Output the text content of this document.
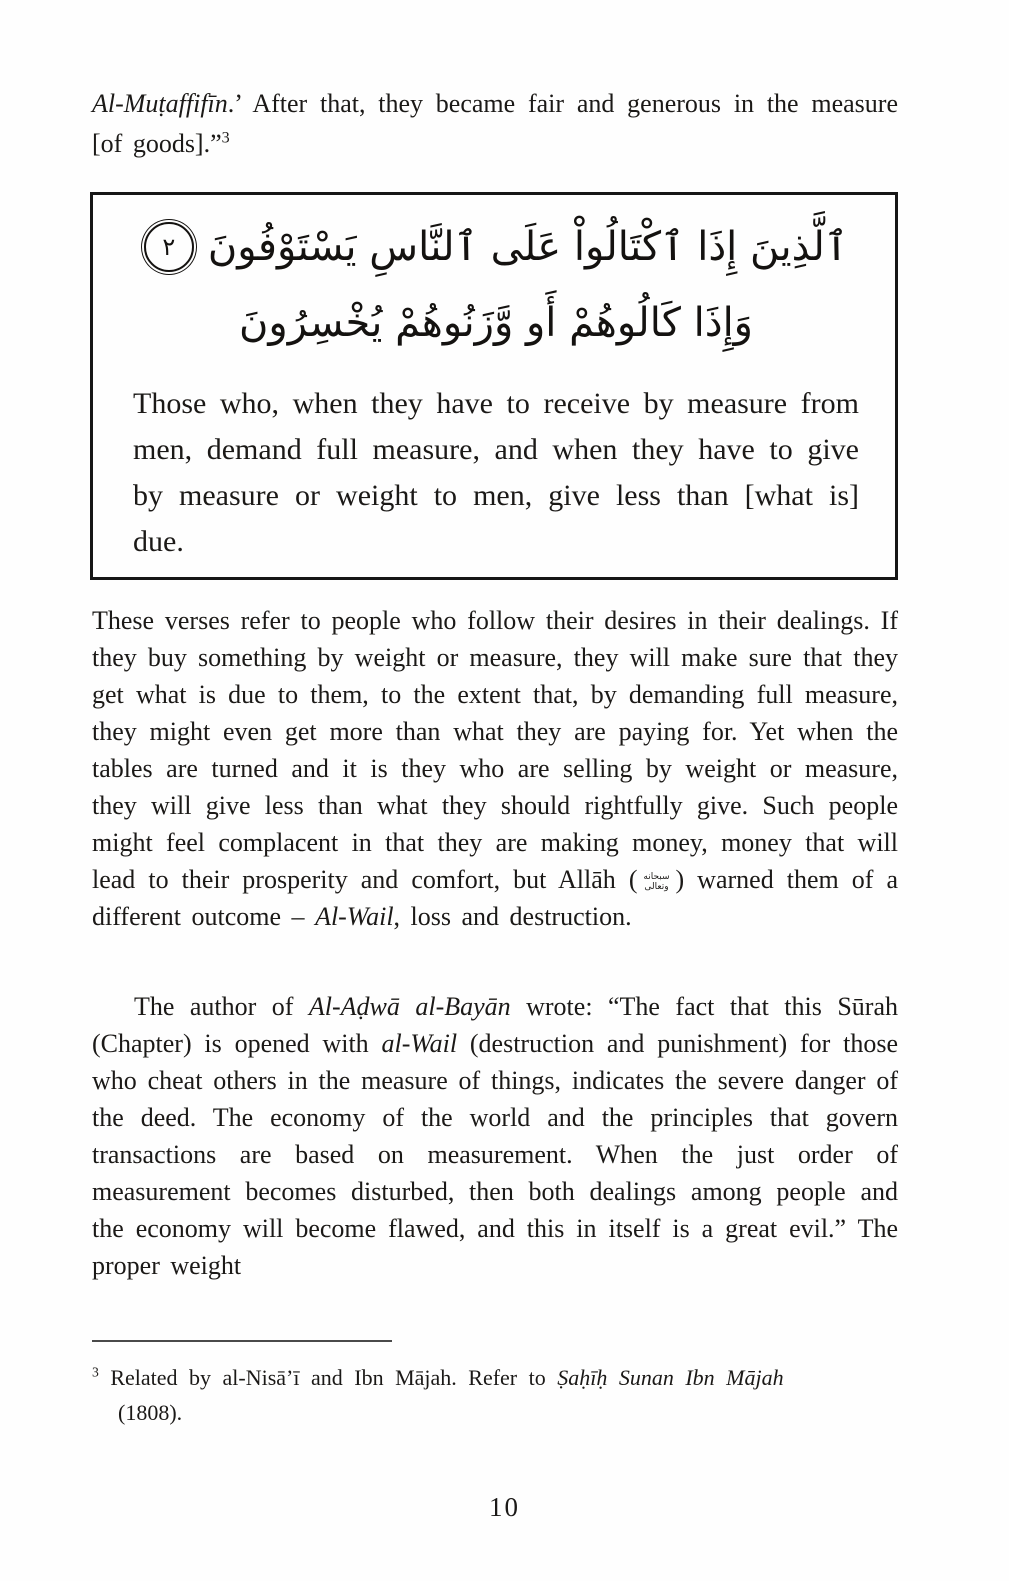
Al-Muṭaffifīn.’ After that, they became fair and generous in the measure [of goods].”$^3$

ٱلَّذِينَ إِذَا ٱكْتَالُواْ عَلَى ٱلنَّاسِ يَسْتَوْفُونَ
٢
وَإِذَا كَالُوهُمْ أَو وَّزَنُوهُمْ يُخْسِرُونَ

Those who, when they have to receive by measure from men, demand full measure, and when they have to give by measure or weight to men, give less than [what is] due.

These verses refer to people who follow their desires in their dealings. If they buy something by weight or measure, they will make sure that they get what is due to them, to the extent that, by demanding full measure, they might even get more than what they are paying for. Yet when the tables are turned and it is they who are selling by weight or measure, they will give less than what they should rightfully give. Such people might feel complacent in that they are making money, money that will lead to their prosperity and comfort, but Allāh ( سبحانه وتعالى ) warned them of a different outcome – Al-Wail, loss and destruction.

The author of Al-Aḍwā al-Bayān wrote: “The fact that this Sūrah (Chapter) is opened with al-Wail (destruction and punishment) for those who cheat others in the measure of things, indicates the severe danger of the deed. The economy of the world and the principles that govern transactions are based on measurement. When the just order of measurement becomes disturbed, then both dealings among people and the economy will become flawed, and this in itself is a great evil.” The proper weight

$^3$ Related by al-Nisā’ī and Ibn Mājah. Refer to Ṣaḥīḥ Sunan Ibn Mājah
(1808).

10
